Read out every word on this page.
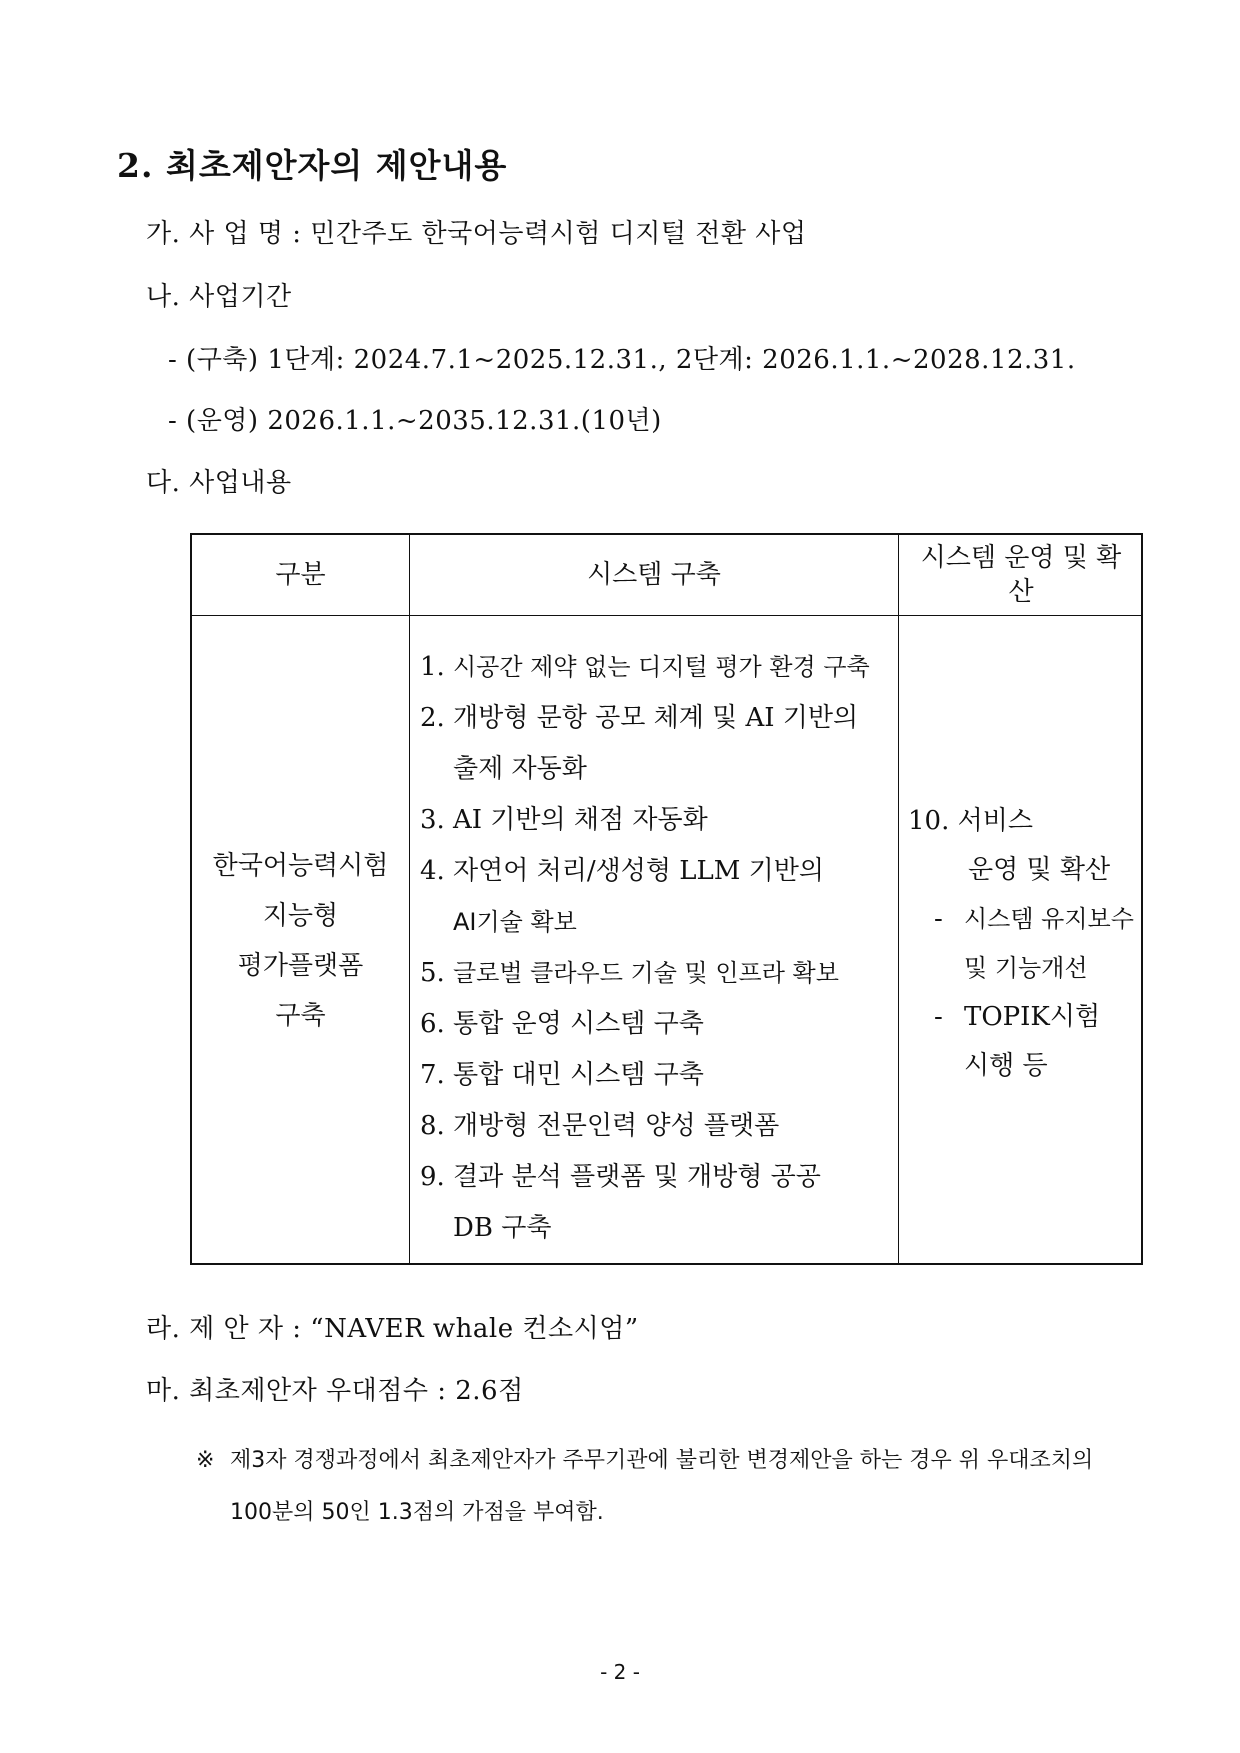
2. 최초제안자의 제안내용
가. 사 업 명 : 민간주도 한국어능력시험 디지털 전환 사업
나. 사업기간
- (구축) 1단계: 2024.7.1~2025.12.31., 2단계: 2026.1.1.~2028.12.31.
- (운영) 2026.1.1.~2035.12.31.(10년)
다. 사업내용
구분	시스템 구축
시스템 운영 및 확산
한국어능력시험
지능형
평가플랫폼
구축
1. 시공간 제약 없는 디지털 평가 환경 구축
2. 개방형 문항 공모 체계 및 AI 기반의
출제 자동화
3. AI 기반의 채점 자동화
4. 자연어 처리/생성형 LLM 기반의
AI기술 확보
5. 글로벌 클라우드 기술 및 인프라 확보
6. 통합 운영 시스템 구축
7. 통합 대민 시스템 구축
8. 개방형 전문인력 양성 플랫폼
9. 결과 분석 플랫폼 및 개방형 공공
DB 구축
10. 서비스
운영 및 확산
- 시스템 유지보수
및 기능개선
- TOPIK시험
시행 등
라. 제 안 자 : “NAVER whale 컨소시엄”
마. 최초제안자 우대점수 : 2.6점
※ 제3자 경쟁과정에서 최초제안자가 주무기관에 불리한 변경제안을 하는 경우 위 우대조치의
100분의 50인 1.3점의 가점을 부여함.
- 2 -
